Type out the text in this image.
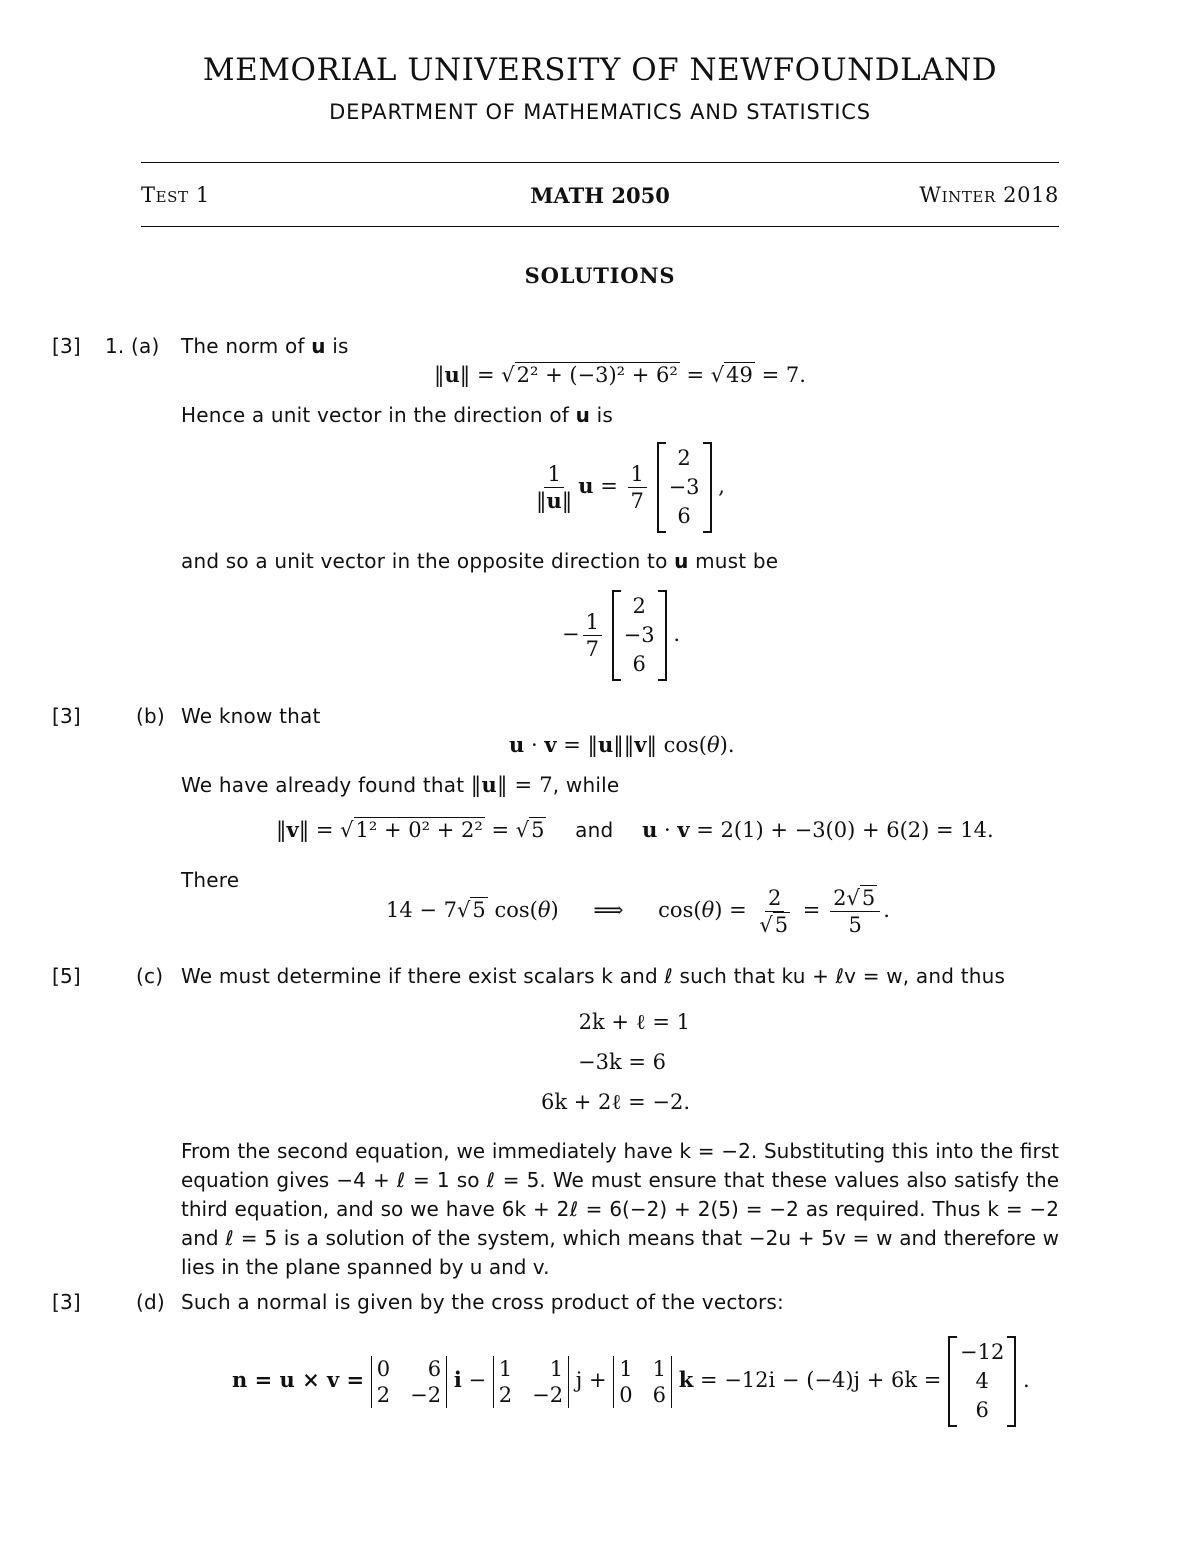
MEMORIAL UNIVERSITY OF NEWFOUNDLAND
DEPARTMENT OF MATHEMATICS AND STATISTICS
Test 1	MATH 2050	Winter 2018
SOLUTIONS
[3] 1. (a) The norm of u is
‖u‖ = √2² + (−3)² + 6² = √49 = 7.
Hence a unit vector in the direction of u is
$\frac{1}{‖u‖}$ $u = \frac{1}{7}$

2
−3
6
,
and so a unit vector in the opposite direction to u must be
− $\frac{1}{7}$

2
−3
6
.
[3]	(b) We know that
u · v = ‖u‖‖v‖ cos(θ).
We have already found that ‖u‖ = 7, while
‖v‖ = √1² + 0² + 2² = √5 and u · v = 2(1) + −3(0) + 6(2) = 14.
There
14 − 7√5 cos(θ) ⟹ $\cos(\theta) = \frac{2}{√5} = \frac{2√5}{5}$ .
[5]	(c) We must determine if there exist scalars k and ℓ such that ku + ℓv = w, and thus
2k + ℓ = 1
−3k = 6
6k + 2ℓ = −2.

From the second equation, we immediately have k = −2. Substituting this into the first equation gives −4 + ℓ = 1 so ℓ = 5. We must ensure that these values also satisfy the third equation, and so we have 6k + 2ℓ = 6(−2) + 2(5) = −2 as required. Thus k = −2 and ℓ = 5 is a solution of the system, which means that −2u + 5v = w and therefore w lies in the plane spanned by u and v.

[3]	(d) Such a normal is given by the cross product of the vectors:
n = u × v = 0	6
2 −2
i − 1	1
2 −2
j + 1 1
0 6
k = −12i − (−4)j + 6k =
−12
4
6
.
